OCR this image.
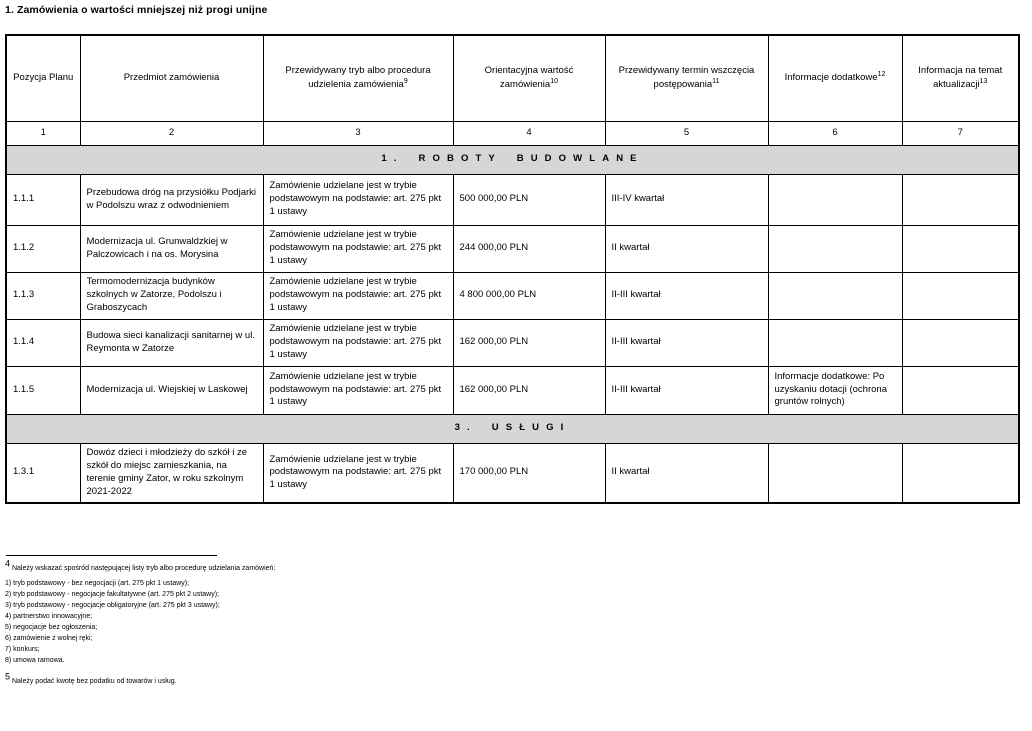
1. Zamówienia o wartości mniejszej niż progi unijne
Pozycja Planu	Przedmiot zamówienia	Przewidywany tryb albo procedura udzielenia zamówienia$^9$	Orientacyjna wartość zamówienia$^{10}$	Przewidywany termin wszczęcia postępowania$^{11}$	Informacje dodatkowe$^{12}$	Informacja na temat aktualizacji$^{13}$
1	2	3	4	5	6	7
1. ROBOTY BUDOWLANE						
1.1.1	Przebudowa dróg na przysiółku Podjarki w Podolszu wraz z odwodnieniem	Zamówienie udzielane jest w trybie podstawowym na podstawie: art. 275 pkt 1 ustawy	500 000,00 PLN	III-IV kwartał		
1.1.2	Modernizacja ul. Grunwaldzkiej w Palczowicach i na os. Morysina	Zamówienie udzielane jest w trybie podstawowym na podstawie: art. 275 pkt 1 ustawy	244 000,00 PLN	II kwartał		
1.1.3	Termomodernizacja budynków szkolnych w Zatorze, Podolszu i Graboszycach	Zamówienie udzielane jest w trybie podstawowym na podstawie: art. 275 pkt 1 ustawy	4 800 000,00 PLN	II-III kwartał		
1.1.4	Budowa sieci kanalizacji sanitarnej w ul. Reymonta w Zatorze	Zamówienie udzielane jest w trybie podstawowym na podstawie: art. 275 pkt 1 ustawy	162 000,00 PLN	II-III kwartał		
1.1.5	Modernizacja ul. Wiejskiej w Laskowej	Zamówienie udzielane jest w trybie podstawowym na podstawie: art. 275 pkt 1 ustawy	162 000,00 PLN	II-III kwartał	Informacje dodatkowe: Po uzyskaniu dotacji (ochrona gruntów rolnych)	
3. USŁUGI						
1.3.1	Dowóz dzieci i młodzieży do szkół i ze szkół do miejsc zamieszkania, na terenie gminy Zator, w roku szkolnym 2021-2022	Zamówienie udzielane jest w trybie podstawowym na podstawie: art. 275 pkt 1 ustawy	170 000,00 PLN	II kwartał		

$^4$ Należy wskazać spośród następującej listy tryb albo procedurę udzielania zamówień:

1) tryb podstawowy - bez negocjacji (art. 275 pkt 1 ustawy);
2) tryb podstawowy - negocjacje fakultatywne (art. 275 pkt 2 ustawy);
3) tryb podstawowy - negocjacje obligatoryjne (art. 275 pkt 3 ustawy);
4) partnerstwo innowacyjne;
5) negocjacje bez ogłoszenia;
6) zamówienie z wolnej ręki;
7) konkurs;
8) umowa ramowa.

$^5$ Należy podać kwotę bez podatku od towarów i usług.
